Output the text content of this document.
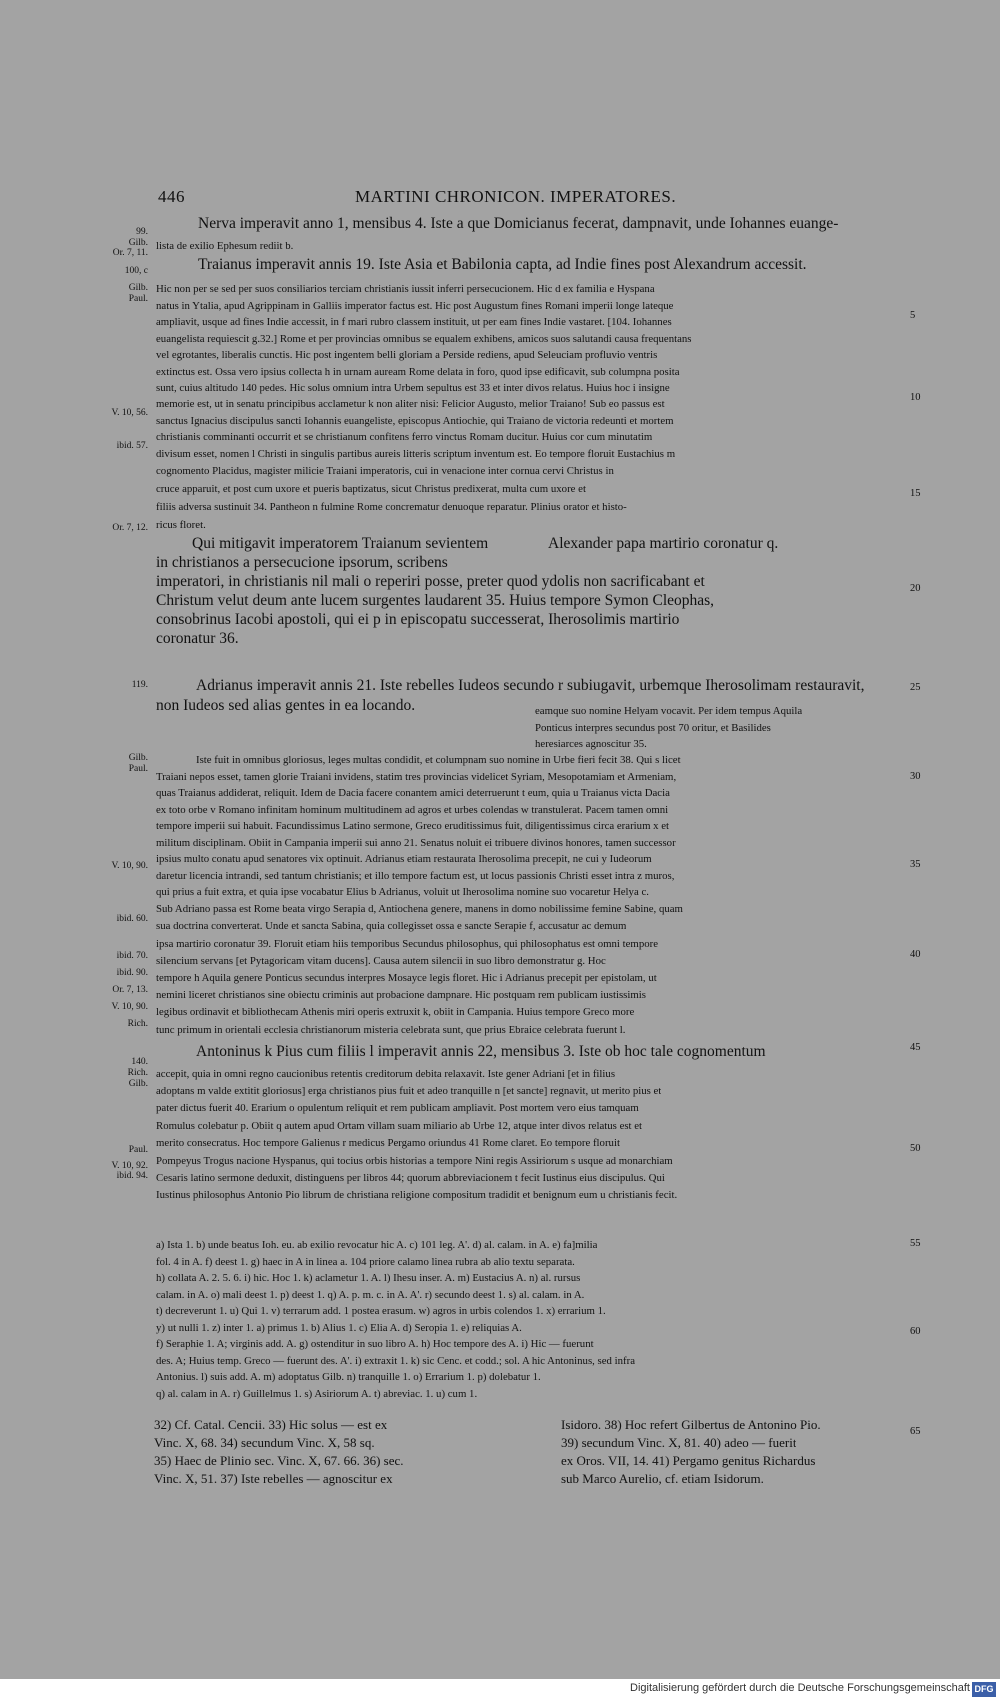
446	MARTINI CHRONICON. IMPERATORES.
99.
Gilb.
Or. 7, 11.
100, c
Gilb.
Paul.
V. 10, 56.
ibid. 57.
Or. 7, 12.
119.
Gilb.
Paul.
V. 10, 90.
ibid. 60.
ibid. 70.
ibid. 90.
Or. 7, 13.
V. 10, 90.
Rich.
140.
Rich.
Gilb.
Paul.
V. 10, 92.
ibid. 94.
5
10
15
20
25
30
35
40
45
50
55
60
65
Nerva imperavit anno 1, mensibus 4. Iste a que Domicianus fecerat, dampnavit, unde Iohannes euange-
lista de exilio Ephesum rediit b.
Traianus imperavit annis 19. Iste Asia et Babilonia capta, ad Indie fines post Alexandrum accessit.
Hic non per se sed per suos consiliarios terciam christianis iussit inferri persecucionem. Hic d ex familia e Hyspana
natus in Ytalia, apud Agrippinam in Galliis imperator factus est. Hic post Augustum fines Romani imperii longe lateque
ampliavit, usque ad fines Indie accessit, in f mari rubro classem instituit, ut per eam fines Indie vastaret. [104. Iohannes
euangelista requiescit g.32.] Rome et per provincias omnibus se equalem exhibens, amicos suos salutandi causa frequentans
vel egrotantes, liberalis cunctis. Hic post ingentem belli gloriam a Perside rediens, apud Seleuciam profluvio ventris
extinctus est. Ossa vero ipsius collecta h in urnam auream Rome delata in foro, quod ipse edificavit, sub columpna posita
sunt, cuius altitudo 140 pedes. Hic solus omnium intra Urbem sepultus est 33 et inter divos relatus. Huius hoc i insigne
memorie est, ut in senatu principibus acclametur k non aliter nisi: Felicior Augusto, melior Traiano! Sub eo passus est
sanctus Ignacius discipulus sancti Iohannis euangeliste, episcopus Antiochie, qui Traiano de victoria redeunti et mortem
christianis comminanti occurrit et se christianum confitens ferro vinctus Romam ducitur. Huius cor cum minutatim
divisum esset, nomen l Christi in singulis partibus aureis litteris scriptum inventum est. Eo tempore floruit Eustachius m
cognomento Placidus, magister milicie Traiani imperatoris, cui in venacione inter cornua cervi Christus in
cruce apparuit, et post cum uxore et pueris baptizatus, sicut Christus predixerat, multa cum uxore et
filiis adversa sustinuit 34. Pantheon n fulmine Rome concrematur denuoque reparatur. Plinius orator et histo-
ricus floret.
Qui mitigavit imperatorem Traianum sevientem	Alexander papa martirio coronatur q.
in christianos a persecucione ipsorum, scribens
imperatori, in christianis nil mali o reperiri posse, preter quod ydolis non sacrificabant et
Christum velut deum ante lucem surgentes laudarent 35. Huius tempore Symon Cleophas,
consobrinus Iacobi apostoli, qui ei p in episcopatu successerat, Iherosolimis martirio
coronatur 36.
Adrianus imperavit annis 21. Iste rebelles Iudeos secundo r subiugavit, urbemque Iherosolimam restauravit,
non Iudeos sed alias gentes in ea locando.	eamque suo nomine Helyam vocavit. Per idem tempus Aquila
Ponticus interpres secundus post 70 oritur, et Basilides
heresiarces agnoscitur 35.
Iste fuit in omnibus gloriosus, leges multas condidit, et columpnam suo nomine in Urbe fieri fecit 38. Qui s licet
Traiani nepos esset, tamen glorie Traiani invidens, statim tres provincias videlicet Syriam, Mesopotamiam et Armeniam,
quas Traianus addiderat, reliquit. Idem de Dacia facere conantem amici deterruerunt t eum, quia u Traianus victa Dacia
ex toto orbe v Romano infinitam hominum multitudinem ad agros et urbes colendas w transtulerat. Pacem tamen omni
tempore imperii sui habuit. Facundissimus Latino sermone, Greco eruditissimus fuit, diligentissimus circa erarium x et
militum disciplinam. Obiit in Campania imperii sui anno 21. Senatus noluit ei tribuere divinos honores, tamen successor
ipsius multo conatu apud senatores vix optinuit. Adrianus etiam restaurata Iherosolima precepit, ne cui y Iudeorum
daretur licencia intrandi, sed tantum christianis; et illo tempore factum est, ut locus passionis Christi esset intra z muros,
qui prius a fuit extra, et quia ipse vocabatur Elius b Adrianus, voluit ut Iherosolima nomine suo vocaretur Helya c.
Sub Adriano passa est Rome beata virgo Serapia d, Antiochena genere, manens in domo nobilissime femine Sabine, quam
sua doctrina converterat. Unde et sancta Sabina, quia collegisset ossa e sancte Serapie f, accusatur ac demum
ipsa martirio coronatur 39. Floruit etiam hiis temporibus Secundus philosophus, qui philosophatus est omni tempore
silencium servans [et Pytagoricam vitam ducens]. Causa autem silencii in suo libro demonstratur g. Hoc
tempore h Aquila genere Ponticus secundus interpres Mosayce legis floret. Hic i Adrianus precepit per epistolam, ut
nemini liceret christianos sine obiectu criminis aut probacione dampnare. Hic postquam rem publicam iustissimis
legibus ordinavit et bibliothecam Athenis miri operis extruxit k, obiit in Campania. Huius tempore Greco more
tunc primum in orientali ecclesia christianorum misteria celebrata sunt, que prius Ebraice celebrata fuerunt l.
Antoninus k Pius cum filiis l imperavit annis 22, mensibus 3. Iste ob hoc tale cognomentum
accepit, quia in omni regno caucionibus retentis creditorum debita relaxavit. Iste gener Adriani [et in filius
adoptans m valde extitit gloriosus] erga christianos pius fuit et adeo tranquille n [et sancte] regnavit, ut merito pius et
pater dictus fuerit 40. Erarium o opulentum reliquit et rem publicam ampliavit. Post mortem vero eius tamquam
Romulus colebatur p. Obiit q autem apud Ortam villam suam miliario ab Urbe 12, atque inter divos relatus est et
merito consecratus. Hoc tempore Galienus r medicus Pergamo oriundus 41 Rome claret. Eo tempore floruit
Pompeyus Trogus nacione Hyspanus, qui tocius orbis historias a tempore Nini regis Assiriorum s usque ad monarchiam
Cesaris latino sermone deduxit, distinguens per libros 44; quorum abbreviacionem t fecit Iustinus eius discipulus. Qui
Iustinus philosophus Antonio Pio librum de christiana religione compositum tradidit et benignum eum u christianis fecit.
a) Ista 1. b) unde beatus Ioh. eu. ab exilio revocatur hic A. c) 101 leg. A'. d) al. calam. in A. e) fa]milia
fol. 4 in A. f) deest 1. g) haec in A in linea a. 104 priore calamo linea rubra ab alio textu separata.
h) collata A. 2. 5. 6. i) hic. Hoc 1. k) aclametur 1. A. l) Ihesu inser. A. m) Eustacius A. n) al. rursus
calam. in A. o) mali deest 1. p) deest 1. q) A. p. m. c. in A. A'. r) secundo deest 1. s) al. calam. in A.
t) decreverunt 1. u) Qui 1. v) terrarum add. 1 postea erasum. w) agros in urbis colendos 1. x) errarium 1.
y) ut nulli 1. z) inter 1. a) primus 1. b) Alius 1. c) Elia A. d) Seropia 1. e) reliquias A.
f) Seraphie 1. A; virginis add. A. g) ostenditur in suo libro A. h) Hoc tempore des A. i) Hic — fuerunt
des. A; Huius temp. Greco — fuerunt des. A'. i) extraxit 1. k) sic Cenc. et codd.; sol. A hic Antoninus, sed infra
Antonius. l) suis add. A. m) adoptatus Gilb. n) tranquille 1. o) Errarium 1. p) dolebatur 1.
q) al. calam in A. r) Guillelmus 1. s) Asiriorum A. t) abreviac. 1. u) cum 1.
32) Cf. Catal. Cencii. 33) Hic solus — est ex
Vinc. X, 68. 34) secundum Vinc. X, 58 sq.
35) Haec de Plinio sec. Vinc. X, 67. 66. 36) sec.
Vinc. X, 51. 37) Iste rebelles — agnoscitur ex
Isidoro. 38) Hoc refert Gilbertus de Antonino Pio.
39) secundum Vinc. X, 81. 40) adeo — fuerit
ex Oros. VII, 14. 41) Pergamo genitus Richardus
sub Marco Aurelio, cf. etiam Isidorum.
Digitalisierung gefördert durch die Deutsche Forschungsgemeinschaft DFG
